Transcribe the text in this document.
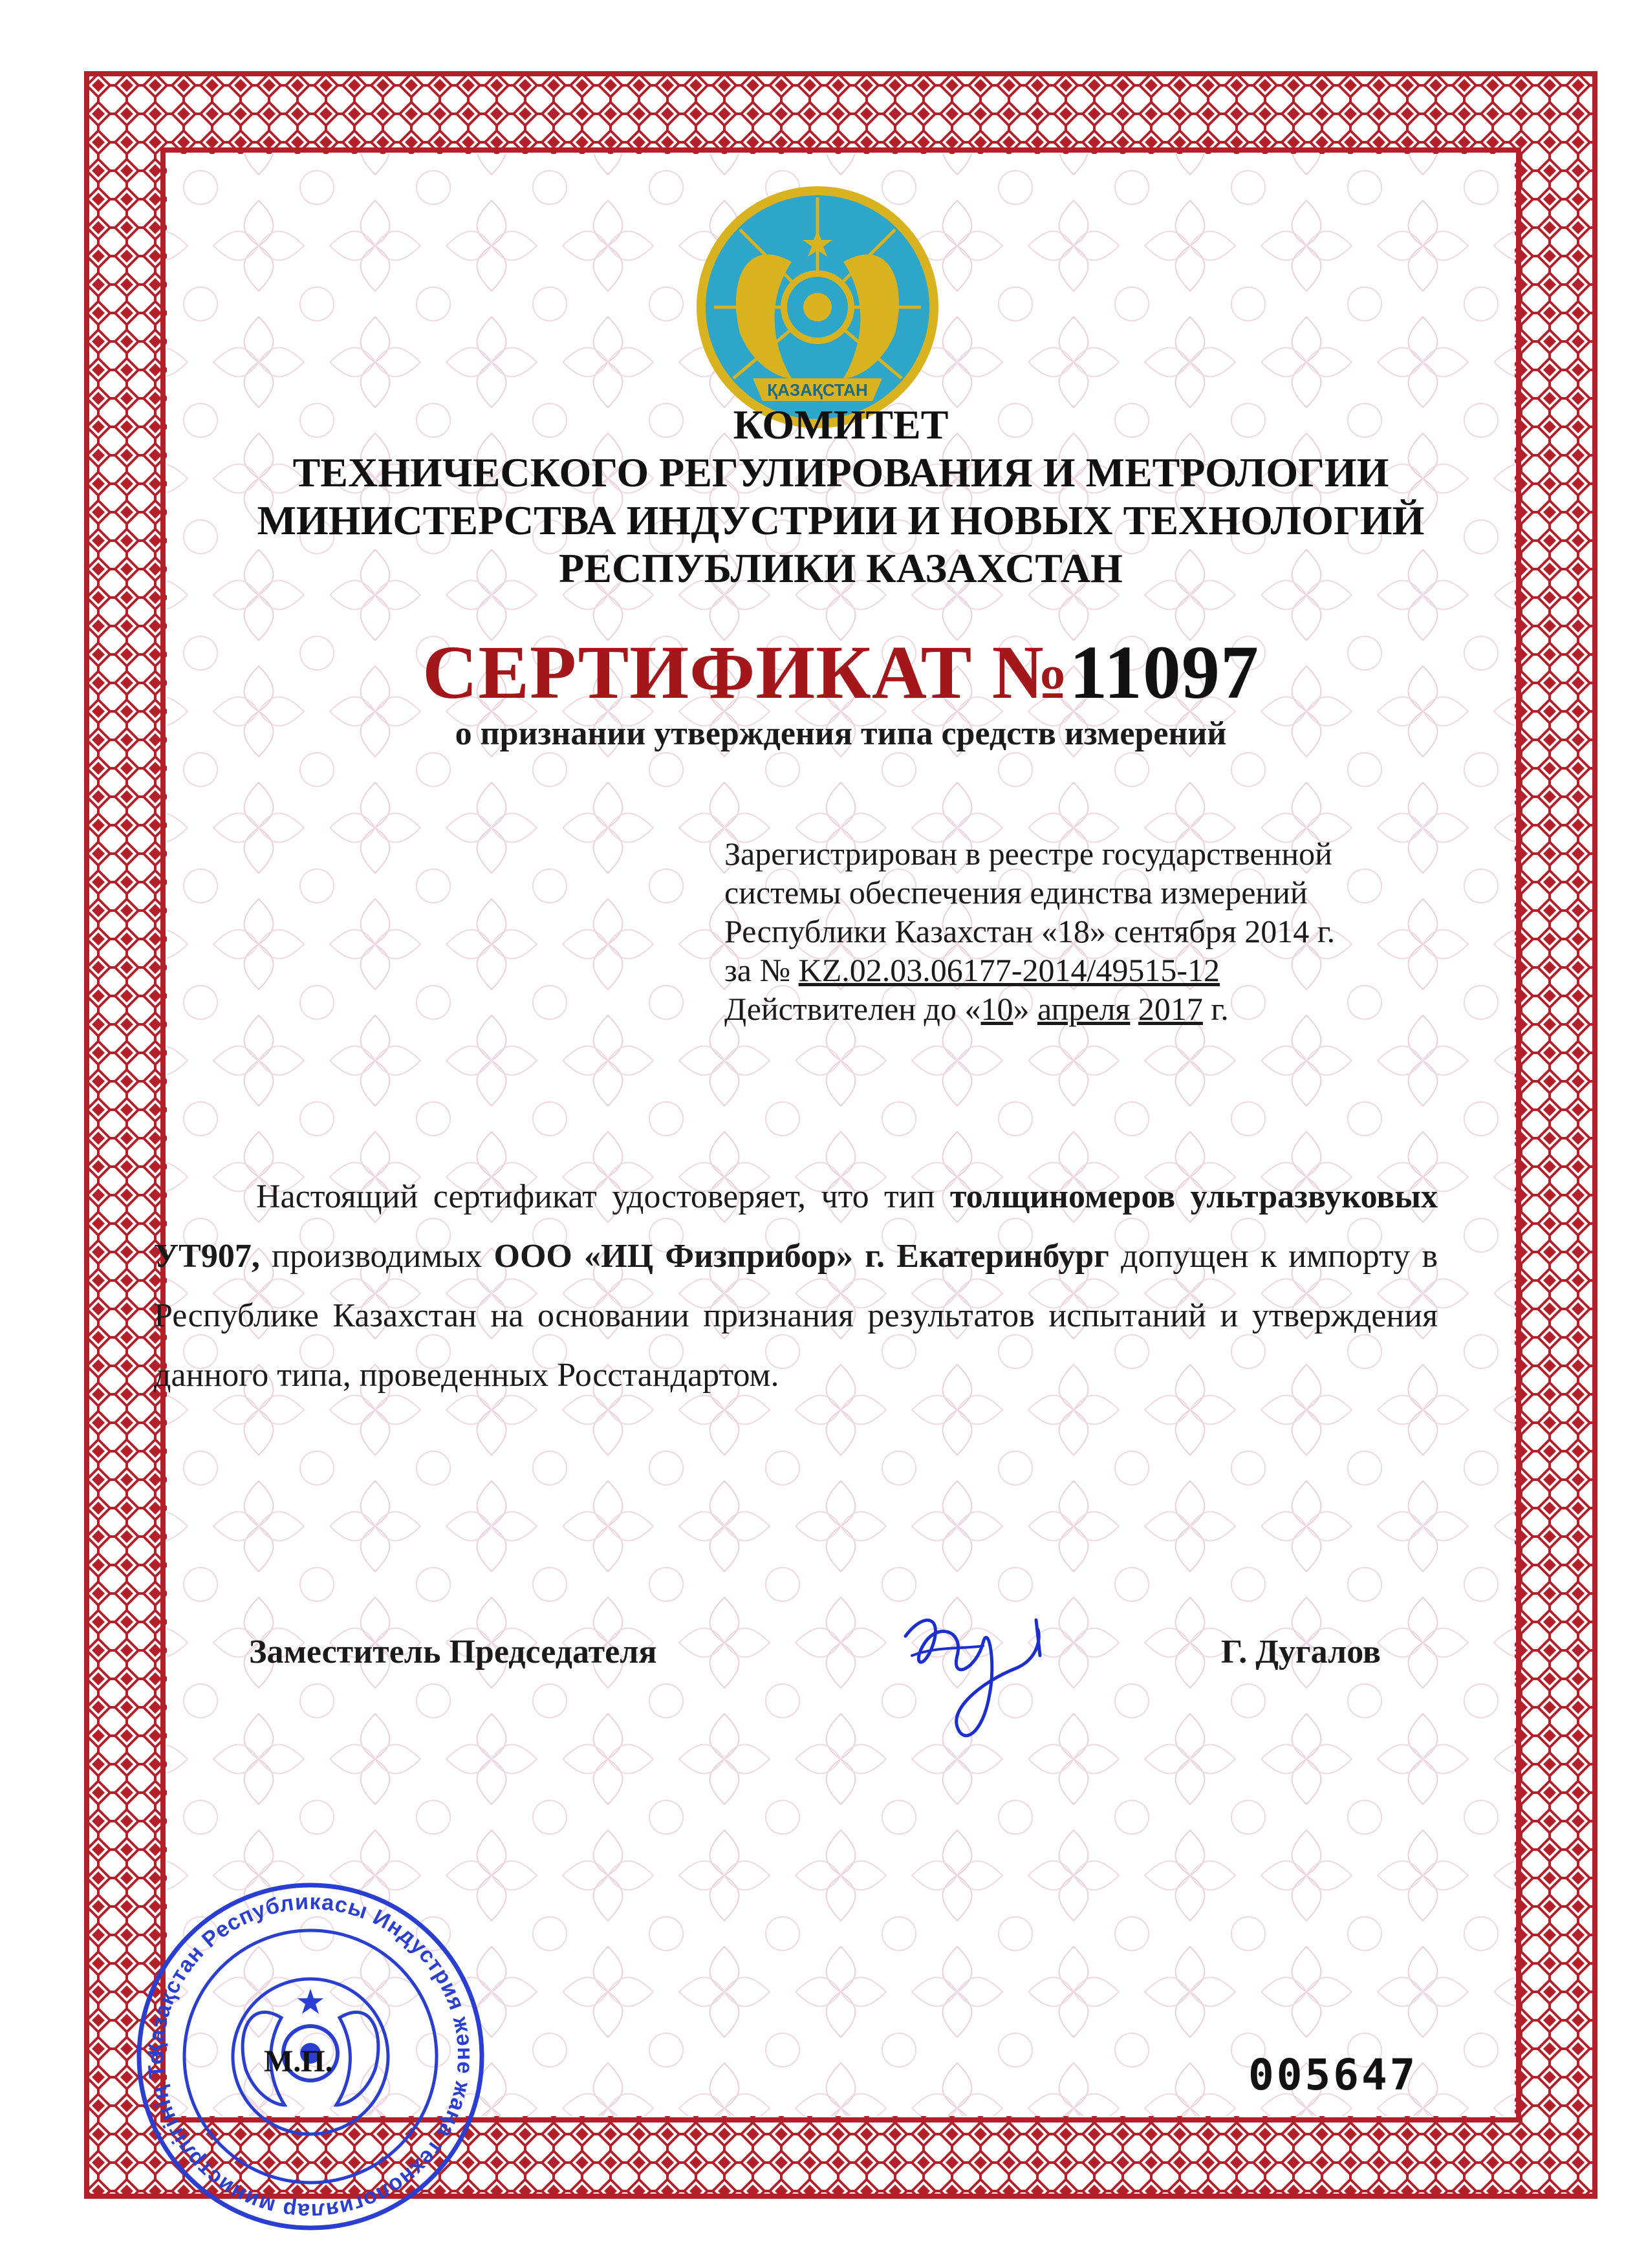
ҚАЗАҚСТАН
КОМИТЕТ
ТЕХНИЧЕСКОГО РЕГУЛИРОВАНИЯ И МЕТРОЛОГИИ
МИНИСТЕРСТВА ИНДУСТРИИ И НОВЫХ ТЕХНОЛОГИЙ
РЕСПУБЛИКИ КАЗАХСТАН
СЕРТИФИКАТ №11097
о признании утверждения типа средств измерений
Зарегистрирован в реестре государственной
системы обеспечения единства измерений
Республики Казахстан «18» сентября 2014 г.
за № KZ.02.03.06177-2014/49515-12
Действителен до «10» апреля 2017 г.
Настоящий сертификат удостоверяет, что тип толщиномеров ультразвуковых УТ907, производимых ООО «ИЦ Физприбор» г. Екатеринбург допущен к импорту в Республике Казахстан на основании признания результатов испытаний и утверждения данного типа, проведенных Росстандартом.
Заместитель Председателя	Г. Дугалов
Қазақстан Республикасы Индустрия және жаңа технологиялар министрлігінің Те	М.П.	005647
